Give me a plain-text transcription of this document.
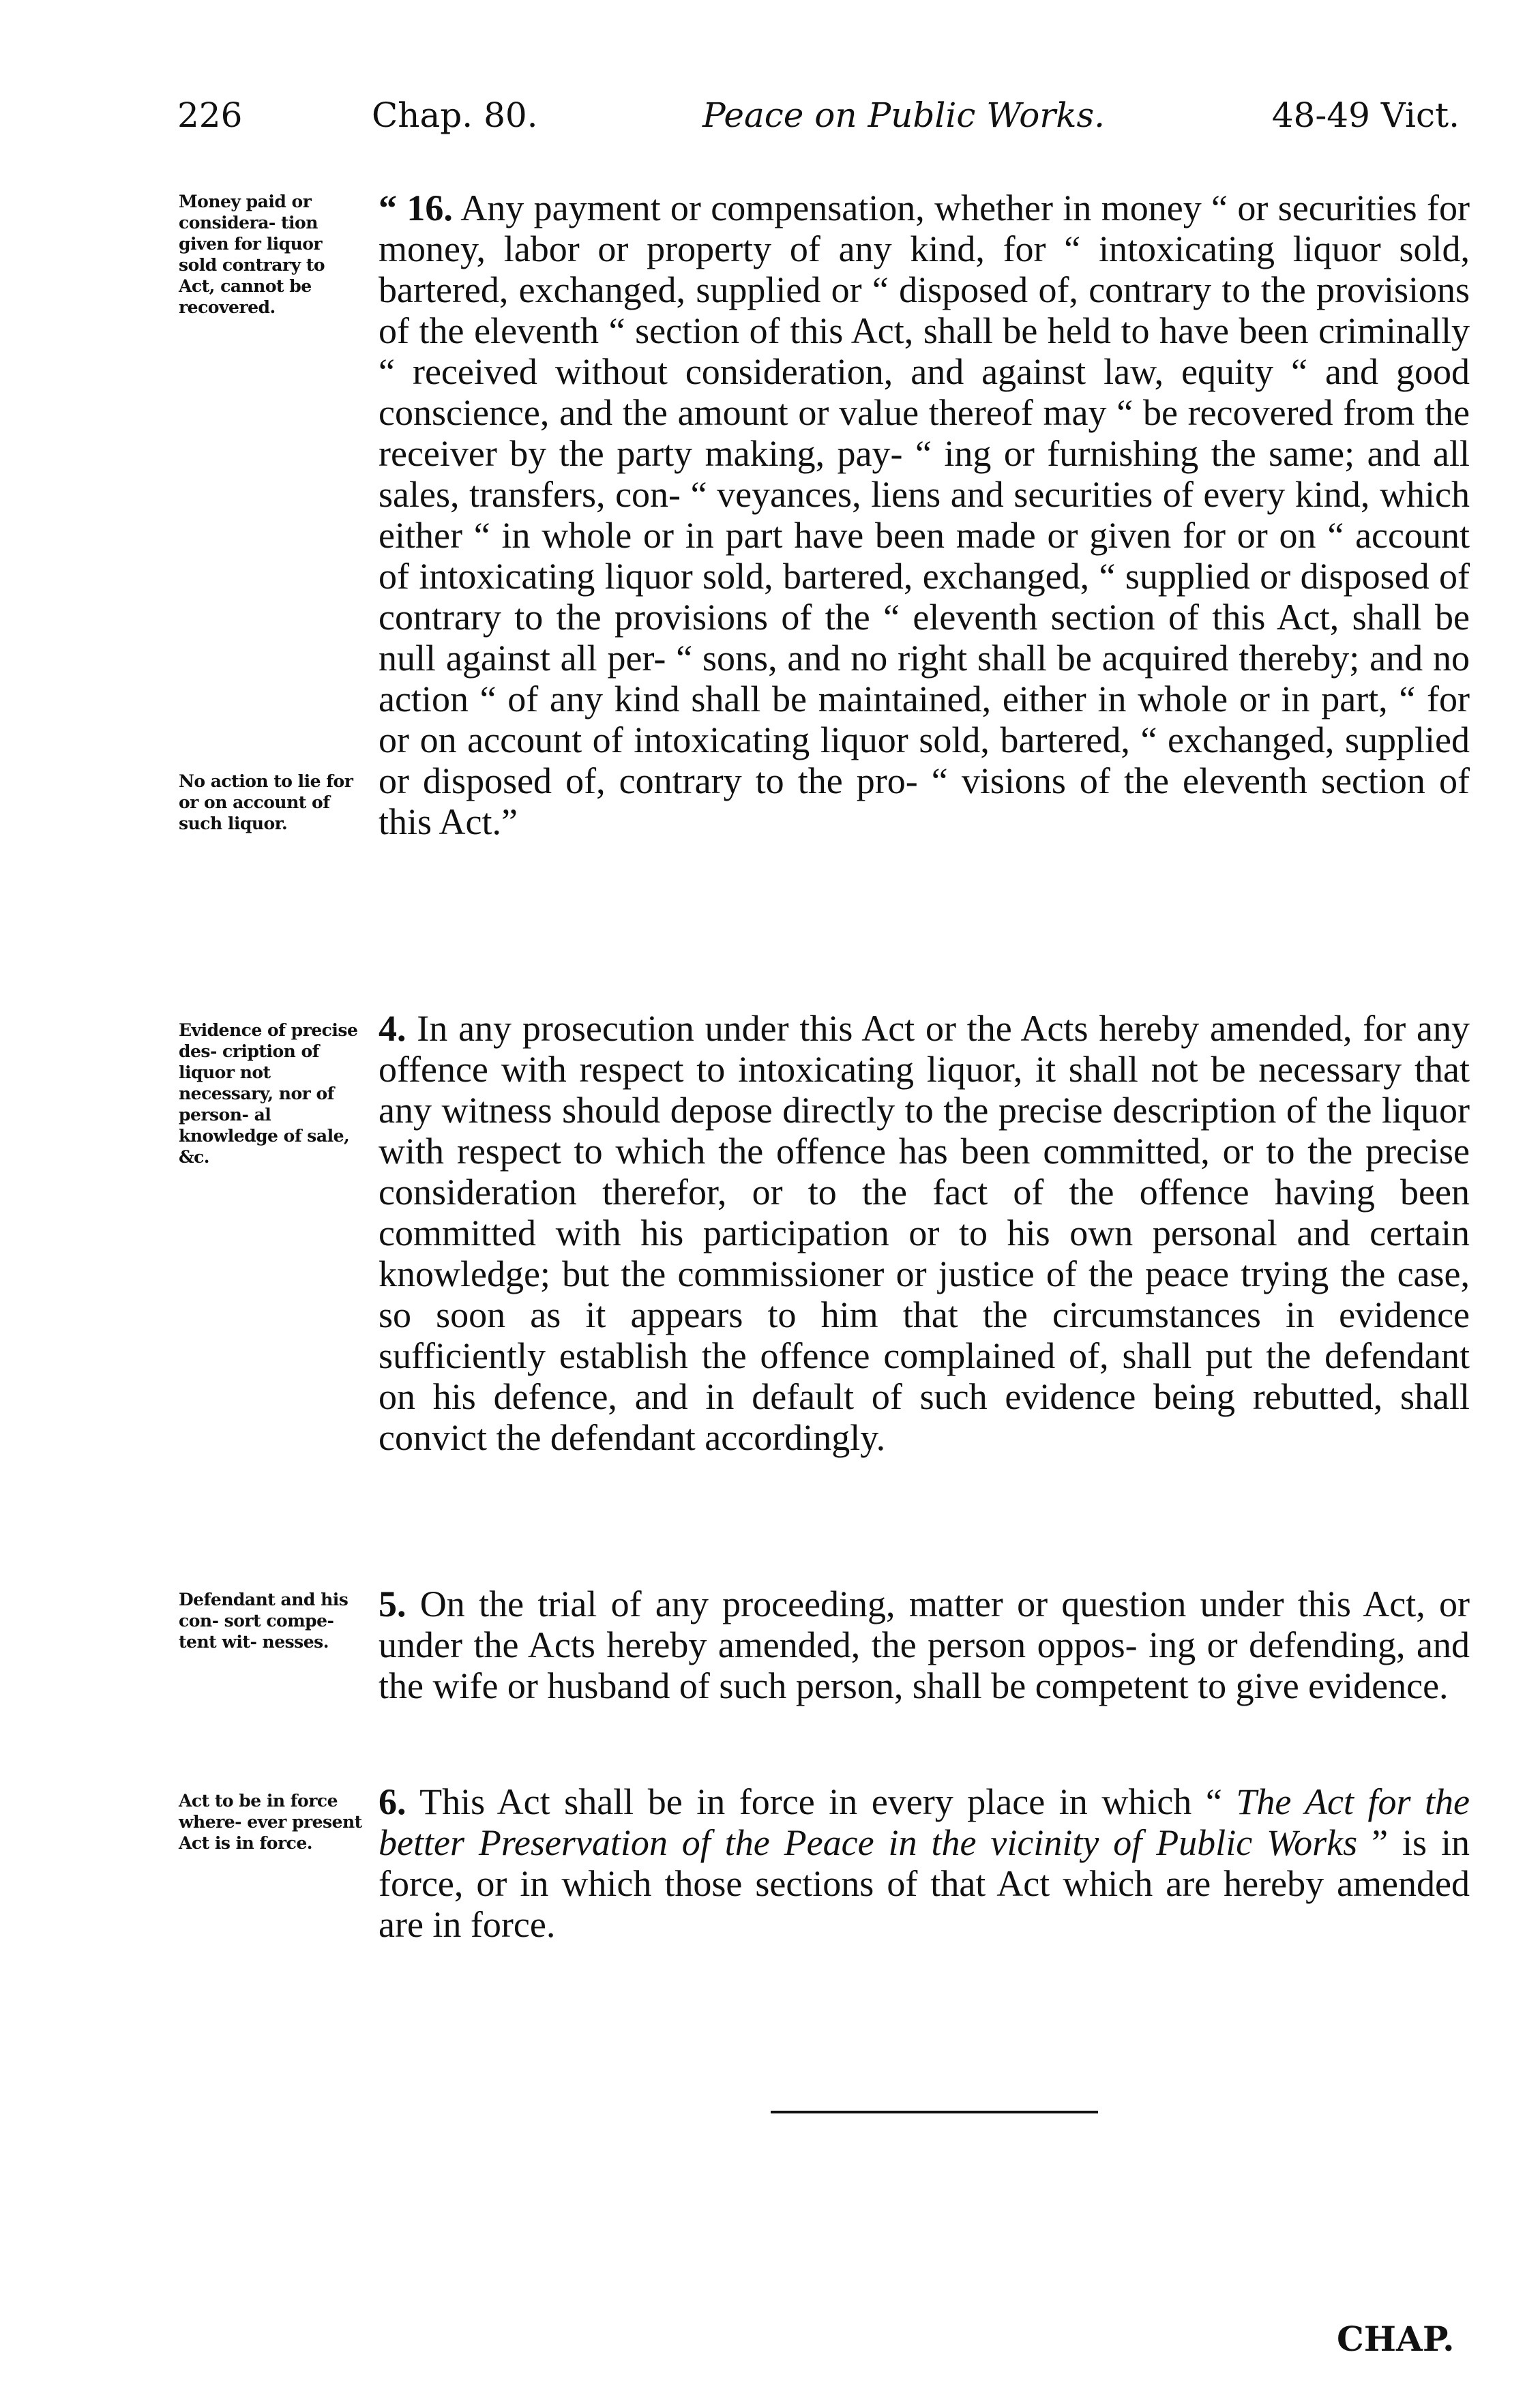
226	Chap. 80.	Peace on Public Works.	48-49 Vict.
Money paid or considera- tion given for liquor sold contrary to Act, cannot be recovered.
No action to lie for or on account of such liquor.
“ 16. Any payment or compensation, whether in money “ or securities for money, labor or property of any kind, for “ intoxicating liquor sold, bartered, exchanged, supplied or “ disposed of, contrary to the provisions of the eleventh “ section of this Act, shall be held to have been criminally “ received without consideration, and against law, equity “ and good conscience, and the amount or value thereof may “ be recovered from the receiver by the party making, pay- “ ing or furnishing the same; and all sales, transfers, con- “ veyances, liens and securities of every kind, which either “ in whole or in part have been made or given for or on “ account of intoxicating liquor sold, bartered, exchanged, “ supplied or disposed of contrary to the provisions of the “ eleventh section of this Act, shall be null against all per- “ sons, and no right shall be acquired thereby; and no action “ of any kind shall be maintained, either in whole or in part, “ for or on account of intoxicating liquor sold, bartered, “ exchanged, supplied or disposed of, contrary to the pro- “ visions of the eleventh section of this Act.”
Evidence of precise des- cription of liquor not necessary, nor of person- al knowledge of sale, &c.
4. In any prosecution under this Act or the Acts hereby amended, for any offence with respect to intoxicating liquor, it shall not be necessary that any witness should depose directly to the precise description of the liquor with respect to which the offence has been committed, or to the precise consideration therefor, or to the fact of the offence having been committed with his participation or to his own personal and certain knowledge; but the commissioner or justice of the peace trying the case, so soon as it appears to him that the circumstances in evidence sufficiently establish the offence complained of, shall put the defendant on his defence, and in default of such evidence being rebutted, shall convict the defendant accordingly.
Defendant and his con- sort compe- tent wit- nesses.
5. On the trial of any proceeding, matter or question under this Act, or under the Acts hereby amended, the person oppos- ing or defending, and the wife or husband of such person, shall be competent to give evidence.
Act to be in force where- ever present Act is in force.
6. This Act shall be in force in every place in which “ The Act for the better Preservation of the Peace in the vicinity of Public Works ” is in force, or in which those sections of that Act which are hereby amended are in force.
CHAP.
